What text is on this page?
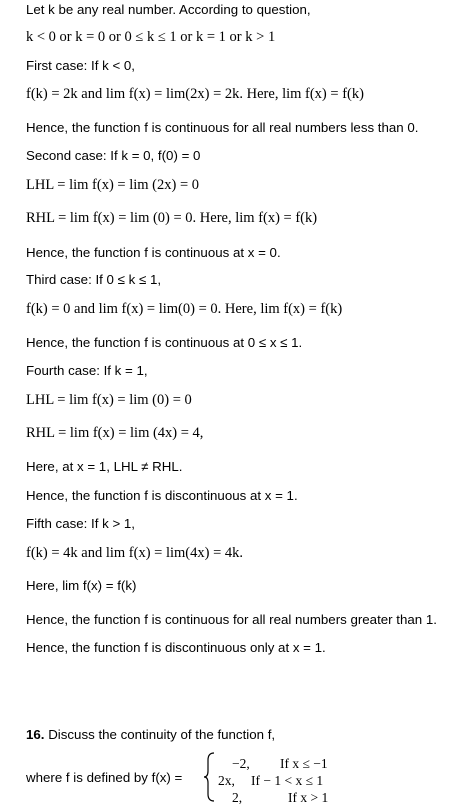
Let k be any real number. According to question,
k < 0 or k = 0 or 0 ≤ k ≤ 1 or k = 1 or k > 1
First case: If k < 0,
f(k) = 2k and lim f(x) = lim(2x) = 2k. Here, lim f(x) = f(k)
Hence, the function f is continuous for all real numbers less than 0.
Second case: If k = 0, f(0) = 0
LHL = lim f(x) = lim (2x) = 0
RHL = lim f(x) = lim (0) = 0. Here, lim f(x) = f(k)
Hence, the function f is continuous at x = 0.
Third case: If 0 ≤ k ≤ 1,
f(k) = 0 and lim f(x) = lim(0) = 0. Here, lim f(x) = f(k)
Hence, the function f is continuous at 0 ≤ x ≤ 1.
Fourth case: If k = 1,
LHL = lim f(x) = lim (0) = 0
RHL = lim f(x) = lim (4x) = 4,
Here, at x = 1, LHL ≠ RHL.
Hence, the function f is discontinuous at x = 1.
Fifth case: If k > 1,
f(k) = 4k and lim f(x) = lim(4x) = 4k.
Here, lim f(x) = f(k)
Hence, the function f is continuous for all real numbers greater than 1.
Hence, the function f is discontinuous only at x = 1.
16. Discuss the continuity of the function f,
where f is defined by f(x) =
−2, If x ≤ −1
2x, If − 1 < x ≤ 1
2,	If x > 1
